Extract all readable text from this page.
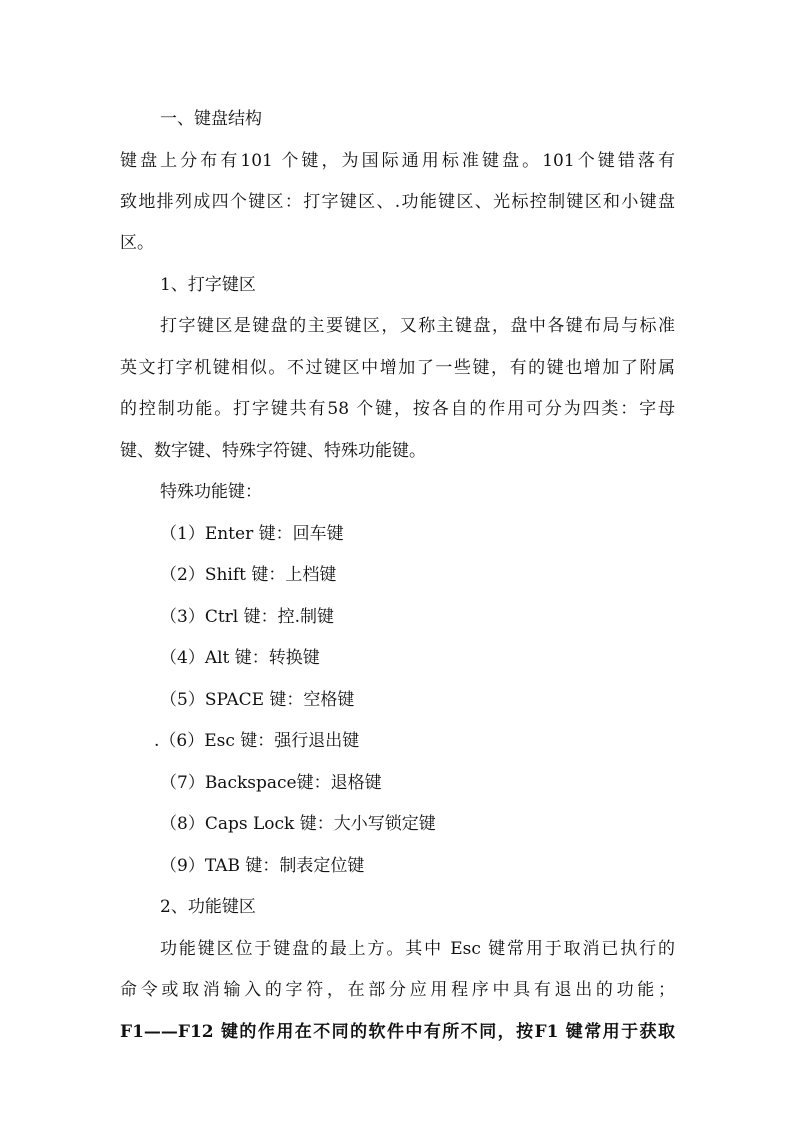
一、键盘结构
键盘上分布有101 个键，为国际通用标准键盘。101个键错落有
致地排列成四个键区：打字键区、.功能键区、光标控制键区和小键盘
区。
1、打字键区
打字键区是键盘的主要键区，又称主键盘，盘中各键布局与标准
英文打字机键相似。不过键区中增加了一些键，有的键也增加了附属
的控制功能。打字键共有58 个键，按各自的作用可分为四类：字母
键、数字键、特殊字符键、特殊功能键。
特殊功能键：
（1）Enter 键：回车键
（2）Shift 键：上档键
（3）Ctrl 键：控.制键
（4）Alt 键：转换键
（5）SPACE 键：空格键
.（6）Esc 键：强行退出键
（7）Backspace键：退格键
（8）Caps Lock 键：大小写锁定键
（9）TAB 键：制表定位键
2、功能键区
功能键区位于键盘的最上方。其中 Esc 键常用于取消已执行的
命令或取消输入的字符，在部分应用程序中具有退出的功能；
F1——F12 键的作用在不同的软件中有所不同，按F1 键常用于获取
